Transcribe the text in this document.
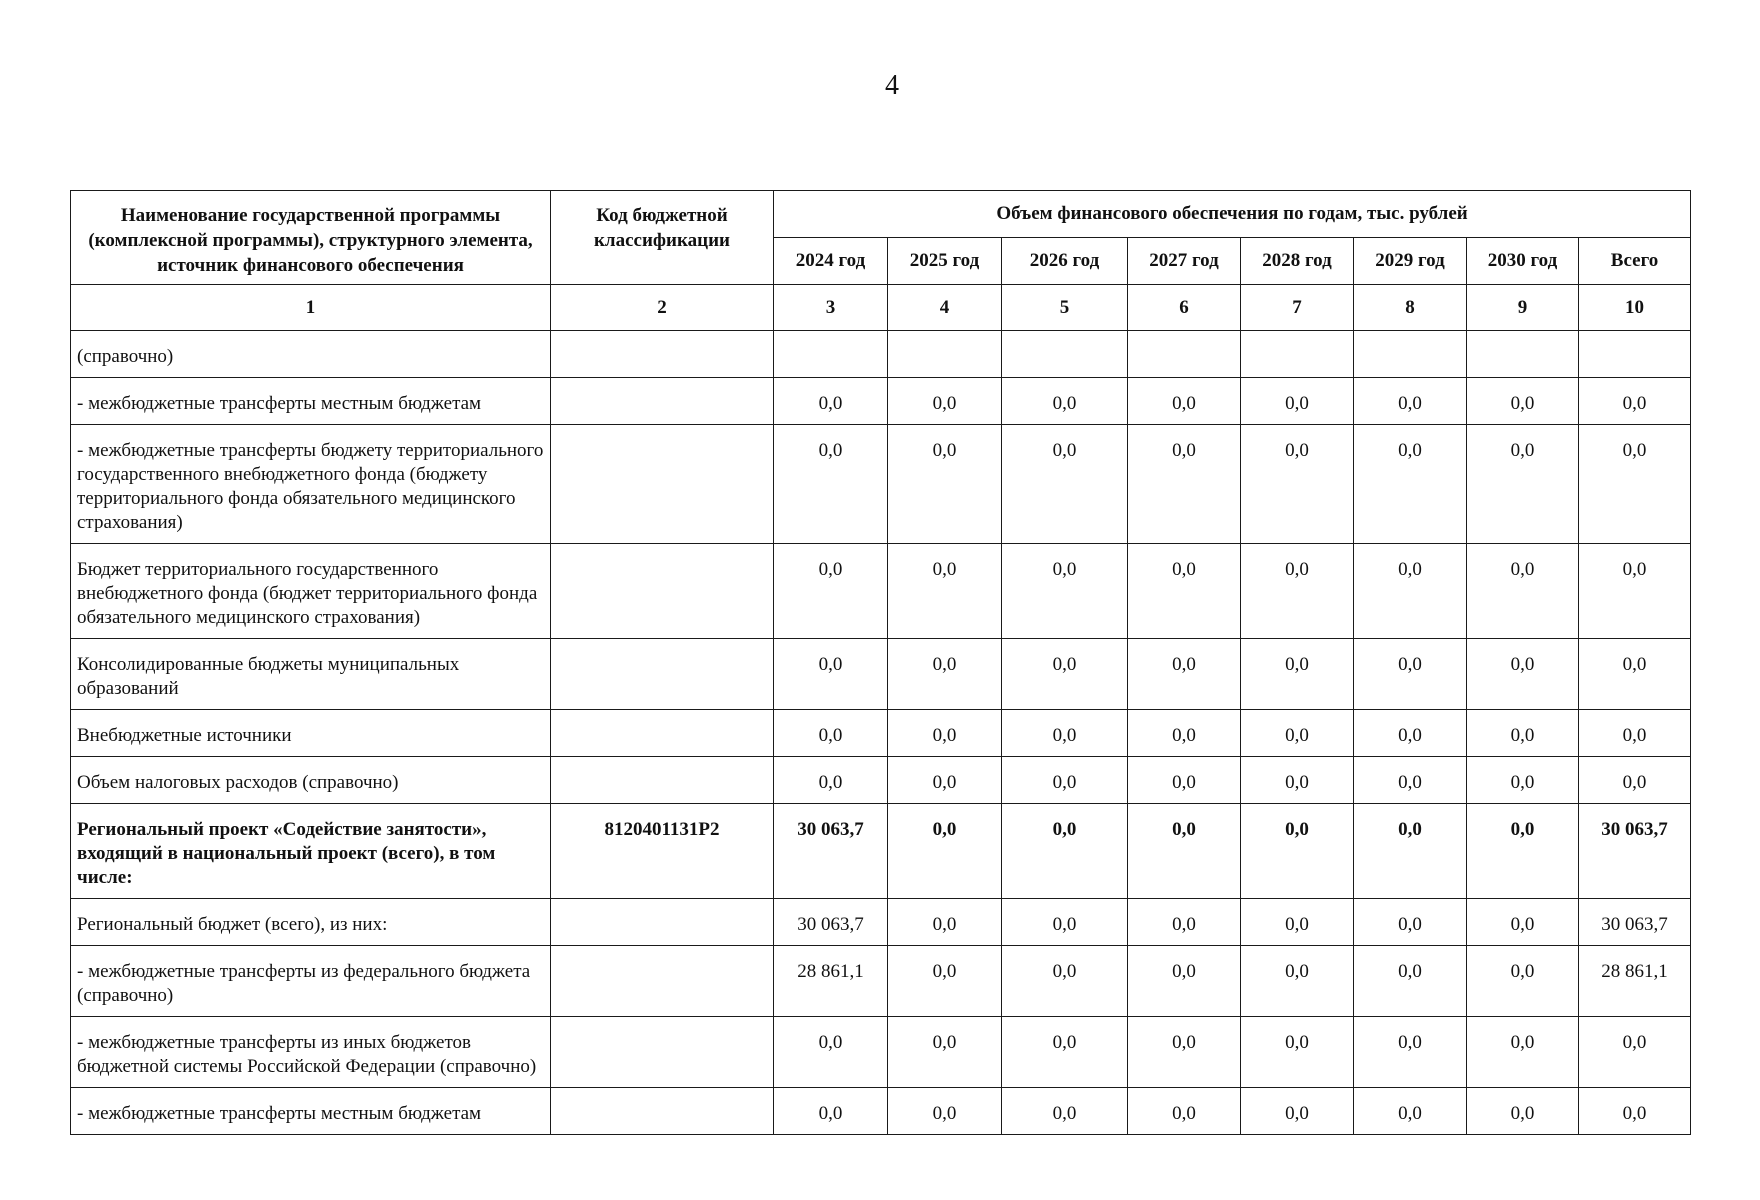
4
Наименование государственной программы (комплексной программы), структурного элемента, источник финансового обеспечения	Код бюджетной классификации	Объем финансового обеспечения по годам, тыс. рублей							
		2024 год	2025 год	2026 год	2027 год	2028 год	2029 год	2030 год	Всего
1	2	3	4	5	6	7	8	9	10
(справочно)									
- межбюджетные трансферты местным бюджетам		0,0	0,0	0,0	0,0	0,0	0,0	0,0	0,0
- межбюджетные трансферты бюджету территориального государственного внебюджетного фонда (бюджету территориального фонда обязательного медицинского страхования)		0,0	0,0	0,0	0,0	0,0	0,0	0,0	0,0
Бюджет территориального государственного внебюджетного фонда (бюджет территориального фонда обязательного медицинского страхования)		0,0	0,0	0,0	0,0	0,0	0,0	0,0	0,0
Консолидированные бюджеты муниципальных образований		0,0	0,0	0,0	0,0	0,0	0,0	0,0	0,0
Внебюджетные источники		0,0	0,0	0,0	0,0	0,0	0,0	0,0	0,0
Объем налоговых расходов (справочно)		0,0	0,0	0,0	0,0	0,0	0,0	0,0	0,0
Региональный проект «Содействие занятости», входящий в национальный проект (всего), в том числе:	8120401131P2	30 063,7	0,0	0,0	0,0	0,0	0,0	0,0	30 063,7
Региональный бюджет (всего), из них:		30 063,7	0,0	0,0	0,0	0,0	0,0	0,0	30 063,7
- межбюджетные трансферты из федерального бюджета (справочно)		28 861,1	0,0	0,0	0,0	0,0	0,0	0,0	28 861,1
- межбюджетные трансферты из иных бюджетов бюджетной системы Российской Федерации (справочно)		0,0	0,0	0,0	0,0	0,0	0,0	0,0	0,0
- межбюджетные трансферты местным бюджетам		0,0	0,0	0,0	0,0	0,0	0,0	0,0	0,0
